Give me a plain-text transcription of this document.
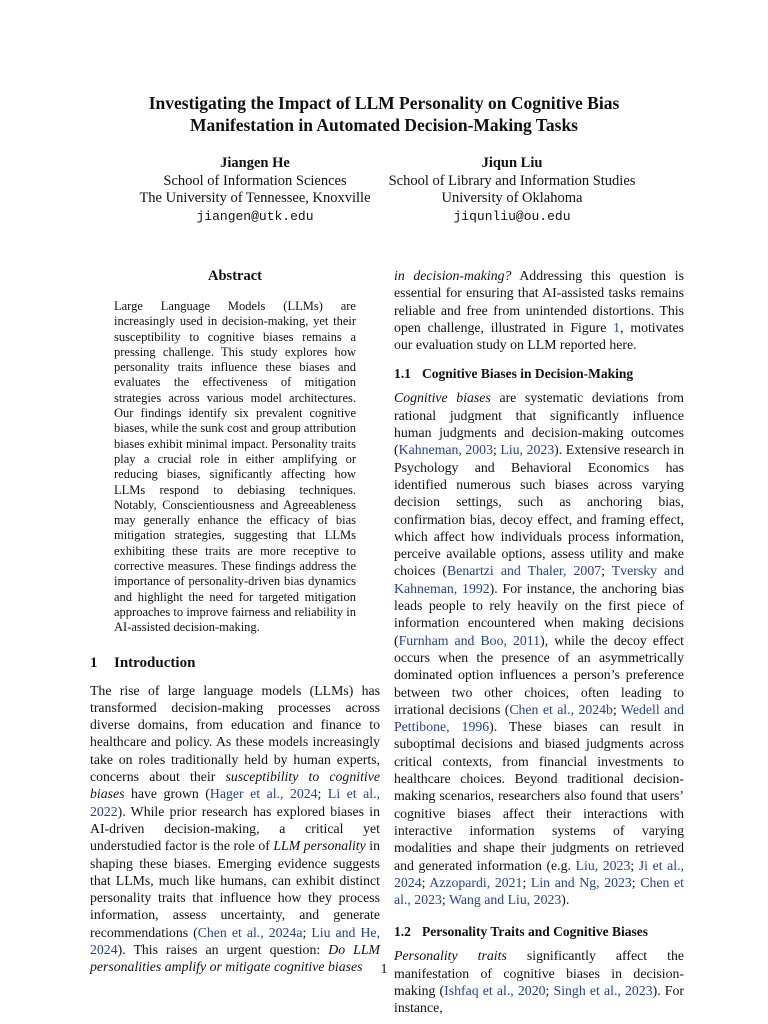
Investigating the Impact of LLM Personality on Cognitive Bias
Manifestation in Automated Decision-Making Tasks
Jiangen He
School of Information Sciences
The University of Tennessee, Knoxville
jiangen@utk.edu
Jiqun Liu
School of Library and Information Studies
University of Oklahoma
jiqunliu@ou.edu
Abstract
Large Language Models (LLMs) are increasingly used in decision-making, yet their susceptibility to cognitive biases remains a pressing challenge. This study explores how personality traits influence these biases and evaluates the effectiveness of mitigation strategies across various model architectures. Our findings identify six prevalent cognitive biases, while the sunk cost and group attribution biases exhibit minimal impact. Personality traits play a crucial role in either amplifying or reducing biases, significantly affecting how LLMs respond to debiasing techniques. Notably, Conscientiousness and Agreeableness may generally enhance the efficacy of bias mitigation strategies, suggesting that LLMs exhibiting these traits are more receptive to corrective measures. These findings address the importance of personality-driven bias dynamics and highlight the need for targeted mitigation approaches to improve fairness and reliability in AI-assisted decision-making.
1 Introduction

The rise of large language models (LLMs) has transformed decision-making processes across diverse domains, from education and finance to healthcare and policy. As these models increasingly take on roles traditionally held by human experts, concerns about their susceptibility to cognitive biases have grown (Hager et al., 2024; Li et al., 2022). While prior research has explored biases in AI-driven decision-making, a critical yet understudied factor is the role of LLM personality in shaping these biases. Emerging evidence suggests that LLMs, much like humans, can exhibit distinct personality traits that influence how they process information, assess uncertainty, and generate recommendations (Chen et al., 2024a; Liu and He, 2024). This raises an urgent question: Do LLM personalities amplify or mitigate cognitive biases

in decision-making? Addressing this question is essential for ensuring that AI-assisted tasks remains reliable and free from unintended distortions. This open challenge, illustrated in Figure 1, motivates our evaluation study on LLM reported here.

1.1 Cognitive Biases in Decision-Making

Cognitive biases are systematic deviations from rational judgment that significantly influence human judgments and decision-making outcomes (Kahneman, 2003; Liu, 2023). Extensive research in Psychology and Behavioral Economics has identified numerous such biases across varying decision settings, such as anchoring bias, confirmation bias, decoy effect, and framing effect, which affect how individuals process information, perceive available options, assess utility and make choices (Benartzi and Thaler, 2007; Tversky and Kahneman, 1992). For instance, the anchoring bias leads people to rely heavily on the first piece of information encountered when making decisions (Furnham and Boo, 2011), while the decoy effect occurs when the presence of an asymmetrically dominated option influences a person’s preference between two other choices, often leading to irrational decisions (Chen et al., 2024b; Wedell and Pettibone, 1996). These biases can result in suboptimal decisions and biased judgments across critical contexts, from financial investments to healthcare choices. Beyond traditional decision-making scenarios, researchers also found that users’ cognitive biases affect their interactions with interactive information systems of varying modalities and shape their judgments on retrieved and generated information (e.g. Liu, 2023; Ji et al., 2024; Azzopardi, 2021; Lin and Ng, 2023; Chen et al., 2023; Wang and Liu, 2023).

1.2 Personality Traits and Cognitive Biases

Personality traits significantly affect the manifestation of cognitive biases in decision-making (Ishfaq et al., 2020; Singh et al., 2023). For instance,

1
